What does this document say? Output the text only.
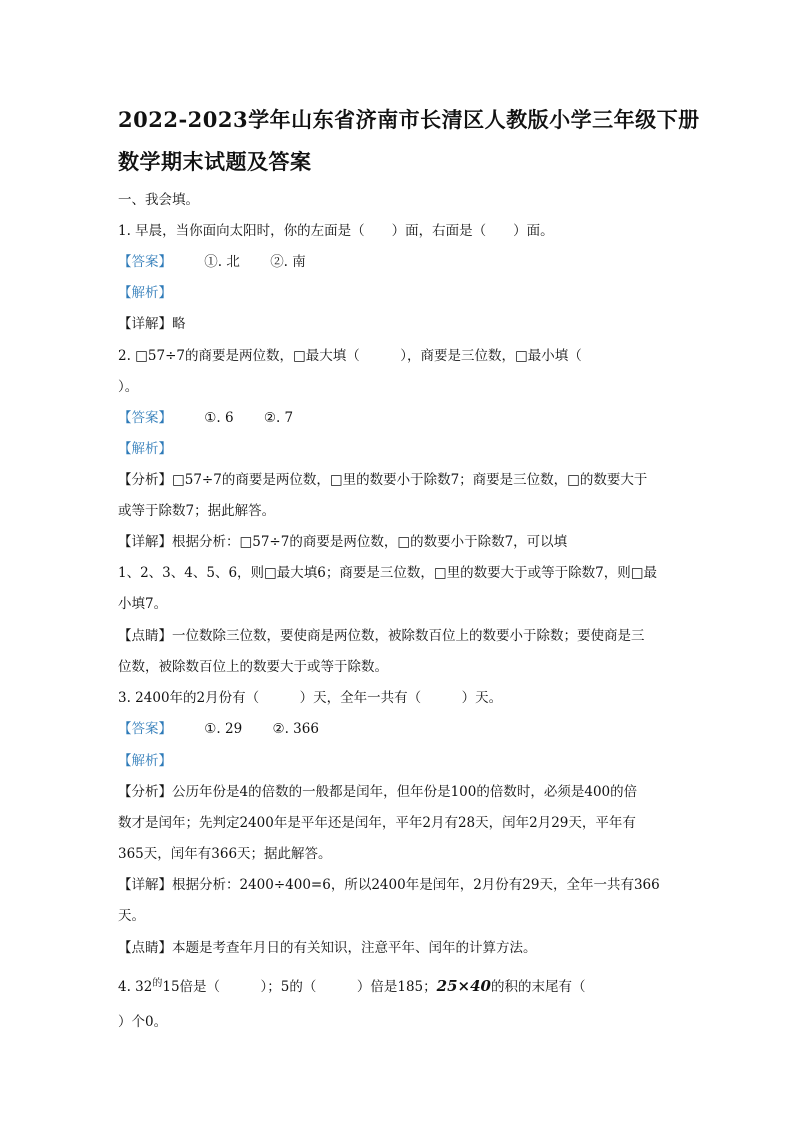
2022-2023学年山东省济南市长清区人教版小学三年级下册
数学期末试题及答案
一、我会填。
1. 早晨，当你面向太阳时，你的左面是（　　）面，右面是（　　）面。
【答案】 ①. 北 ②. 南
【解析】
【详解】略
2. □57÷7的商要是两位数，□最大填（　　　），商要是三位数，□最小填（
）。
【答案】 ①. 6 ②. 7
【解析】
【分析】□57÷7的商要是两位数，□里的数要小于除数7；商要是三位数，□的数要大于
或等于除数7；据此解答。
【详解】根据分析：□57÷7的商要是两位数，□的数要小于除数7，可以填
1、2、3、4、5、6，则□最大填6；商要是三位数，□里的数要大于或等于除数7，则□最
小填7。
【点睛】一位数除三位数，要使商是两位数，被除数百位上的数要小于除数；要使商是三
位数，被除数百位上的数要大于或等于除数。
3. 2400年的2月份有（　　　）天，全年一共有（　　　）天。
【答案】 ①. 29 ②. 366
【解析】
【分析】公历年份是4的倍数的一般都是闰年，但年份是100的倍数时，必须是400的倍
数才是闰年；先判定2400年是平年还是闰年，平年2月有28天，闰年2月29天，平年有
365天，闰年有366天；据此解答。
【详解】根据分析：2400÷400=6，所以2400年是闰年，2月份有29天，全年一共有366
天。
【点睛】本题是考查年月日的有关知识，注意平年、闰年的计算方法。
4. $32^的15$倍是（　　　）；5的（　　　）倍是185；25×40的积的末尾有（
）个0。
